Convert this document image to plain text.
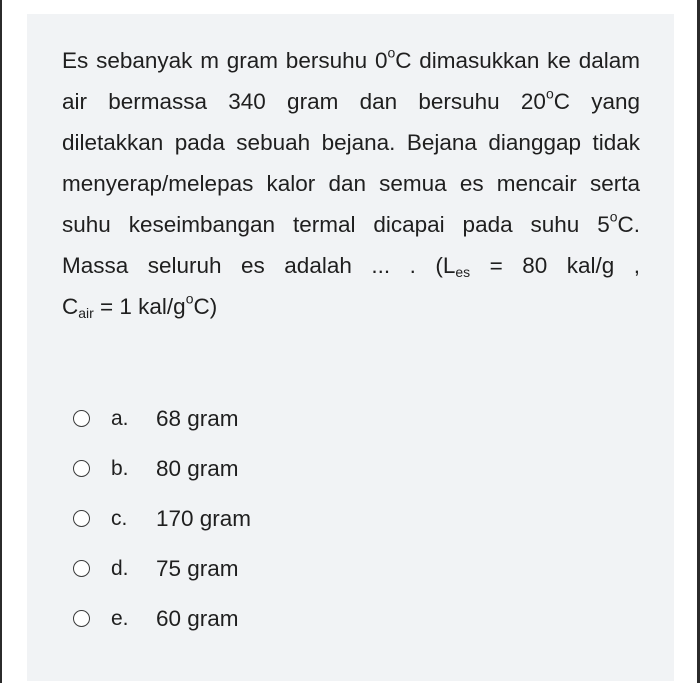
Es sebanyak m gram bersuhu 0$^o$C dimasukkan ke dalam air bermassa 340 gram dan bersuhu 20$^o$C yang diletakkan pada sebuah bejana. Bejana dianggap tidak menyerap/melepas kalor dan semua es mencair serta suhu keseimbangan termal dicapai pada suhu 5$^o$C. Massa seluruh es adalah ... . ($L_{es} = 80$ kal/g , $C_{air} = 1$ kal/$g^oC$)

a. 68 gram
b. 80 gram
c. 170 gram
d. 75 gram
e. 60 gram
